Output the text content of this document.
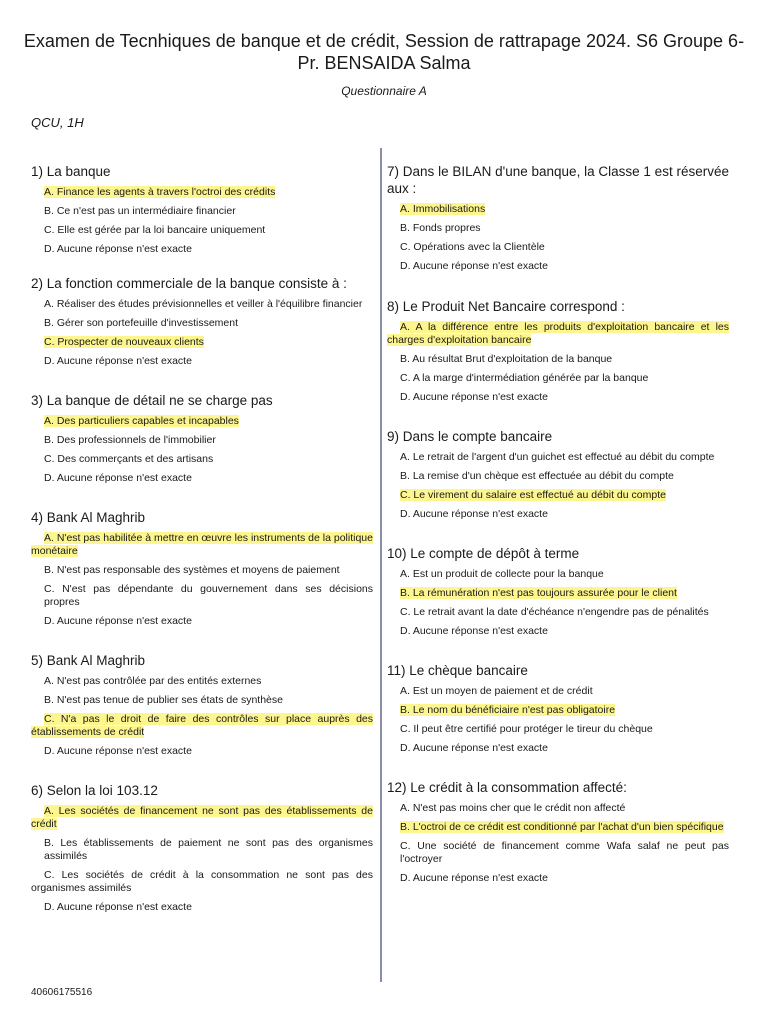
Examen de Tecnhiques de banque et de crédit, Session de rattrapage 2024. S6 Groupe 6- Pr. BENSAIDA Salma
Questionnaire A
QCU, 1H
1) La banque
A. Finance les agents à travers l'octroi des crédits
B. Ce n'est pas un intermédiaire financier
C. Elle est gérée par la loi bancaire uniquement
D. Aucune réponse n'est exacte
2) La fonction commerciale de la banque consiste à :
A. Réaliser des études prévisionnelles et veiller à l'équilibre financier
B. Gérer son portefeuille d'investissement
C. Prospecter de nouveaux clients
D. Aucune réponse n'est exacte
3) La banque de détail ne se charge pas
A. Des particuliers capables et incapables
B. Des professionnels de l'immobilier
C. Des commerçants et des artisans
D. Aucune réponse n'est exacte
4) Bank Al Maghrib
A. N'est pas habilitée à mettre en œuvre les instruments de la politique monétaire
B. N'est pas responsable des systèmes et moyens de paiement
C. N'est pas dépendante du gouvernement dans ses décisions propres
D. Aucune réponse n'est exacte
5) Bank Al Maghrib
A. N'est pas contrôlée par des entités externes
B. N'est pas tenue de publier ses états de synthèse
C. N'a pas le droit de faire des contrôles sur place auprès des établissements de crédit
D. Aucune réponse n'est exacte
6) Selon la loi 103.12
A. Les sociétés de financement ne sont pas des établissements de crédit
B. Les établissements de paiement ne sont pas des organismes assimilés
C. Les sociétés de crédit à la consommation ne sont pas des organismes assimilés
D. Aucune réponse n'est exacte
7) Dans le BILAN d'une banque, la Classe 1 est réservée aux :
A. Immobilisations
B. Fonds propres
C. Opérations avec la Clientèle
D. Aucune réponse n'est exacte
8) Le Produit Net Bancaire correspond :
A. A la différence entre les produits d'exploitation bancaire et les charges d'exploitation bancaire
B. Au résultat Brut d'exploitation de la banque
C. A la marge d'intermédiation générée par la banque
D. Aucune réponse n'est exacte
9) Dans le compte bancaire
A. Le retrait de l'argent d'un guichet est effectué au débit du compte
B. La remise d'un chèque est effectuée au débit du compte
C. Le virement du salaire est effectué au débit du compte
D. Aucune réponse n'est exacte
10) Le compte de dépôt à terme
A. Est un produit de collecte pour la banque
B. La rémunération n'est pas toujours assurée pour le client
C. Le retrait avant la date d'échéance n'engendre pas de pénalités
D. Aucune réponse n'est exacte
11) Le chèque bancaire
A. Est un moyen de paiement et de crédit
B. Le nom du bénéficiaire n'est pas obligatoire
C. Il peut être certifié pour protéger le tireur du chèque
D. Aucune réponse n'est exacte
12) Le crédit à la consommation affecté:
A. N'est pas moins cher que le crédit non affecté
B. L'octroi de ce crédit est conditionné par l'achat d'un bien spécifique
C. Une société de financement comme Wafa salaf ne peut pas l'octroyer
D. Aucune réponse n'est exacte
40606175516
